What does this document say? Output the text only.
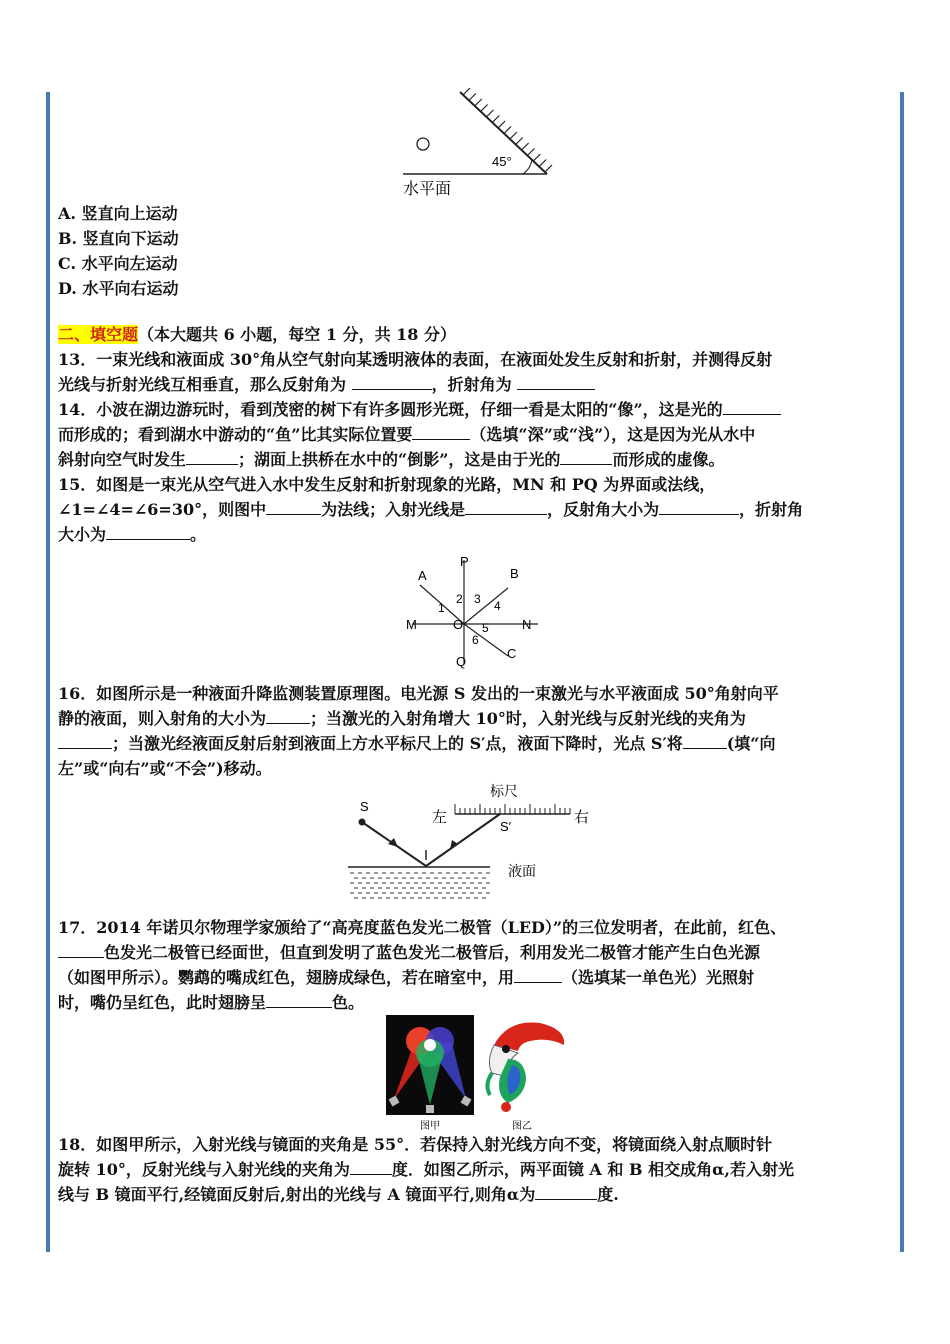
45°
水平面
A. 竖直向上运动
B. 竖直向下运动
C. 水平向左运动
D. 水平向右运动
二、填空题（本大题共 6 小题，每空 1 分，共 18 分）
13．一束光线和液面成 30°角从空气射向某透明液体的表面，在液面处发生反射和折射，并测得反射
光线与折射光线互相垂直，那么反射角为	，折射角为
14．小波在湖边游玩时，看到茂密的树下有许多圆形光斑，仔细一看是太阳的“像”，这是光的
而形成的；看到湖水中游动的“鱼”比其实际位置要	（选填“深”或“浅”），这是因为光从水中
斜射向空气时发生	；湖面上拱桥在水中的“倒影”，这是由于光的	而形成的虚像。
15．如图是一束光从空气进入水中发生反射和折射现象的光路，MN 和 PQ 为界面或法线，
∠1=∠4=∠6=30°，则图中	为法线；入射光线是	，反射角大小为	，折射角
大小为	。
P
Q
M	N
O
A	B
C
1
2 3 4
5
6
16．如图所示是一种液面升降监测装置原理图。电光源 S 发出的一束激光与水平液面成 50°角射向平
静的液面，则入射角的大小为	；当激光的入射角增大 10°时，入射光线与反射光线的夹角为
；当激光经液面反射后射到液面上方水平标尺上的 S′点，液面下降时，光点 S′将	(填“向
左”或“向右”或“不会”)移动。
标尺
左	右
S
S′
液面
17．2014 年诺贝尔物理学家颁给了“高亮度蓝色发光二极管（LED）”的三位发明者，在此前，红色、
色发光二极管已经面世，但直到发明了蓝色发光二极管后，利用发光二极管才能产生白色光源
（如图甲所示）。鹦鹉的嘴成红色，翅膀成绿色，若在暗室中，用	（选填某一单色光）光照射
时，嘴仍呈红色，此时翅膀呈	色。
图甲	图乙
18．如图甲所示，入射光线与镜面的夹角是 55°．若保持入射光线方向不变，将镜面绕入射点顺时针
旋转 10°，反射光线与入射光线的夹角为	度．如图乙所示，两平面镜 A 和 B 相交成角α,若入射光
线与 B 镜面平行,经镜面反射后,射出的光线与 A 镜面平行,则角α为	度.
